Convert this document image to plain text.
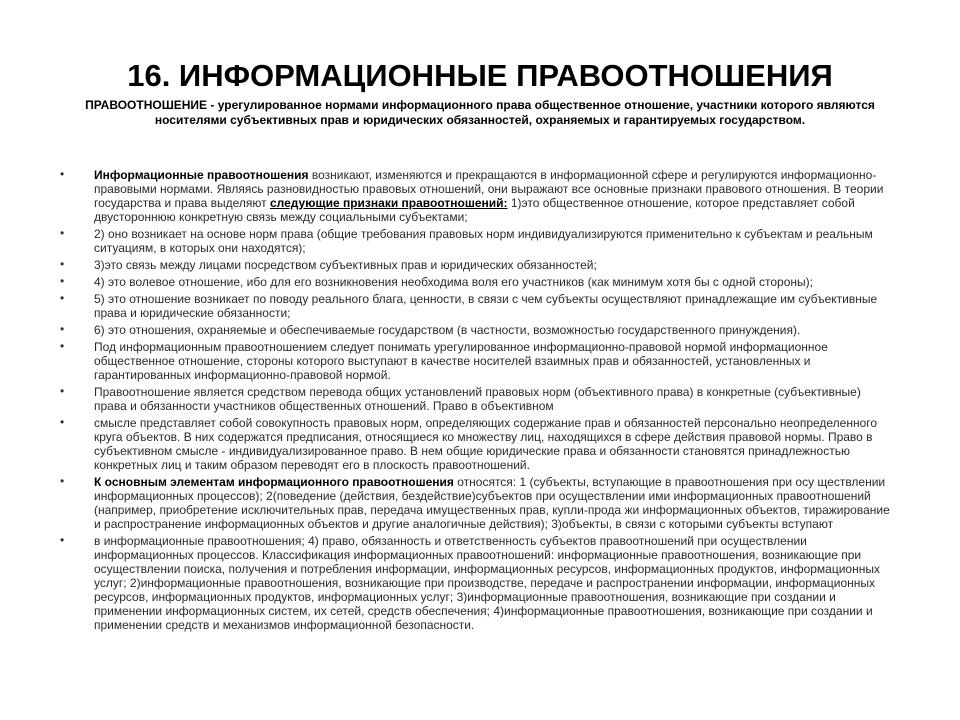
16. ИНФОРМАЦИОННЫЕ ПРАВООТНОШЕНИЯ
ПРАВООТНОШЕНИЕ - урегулированное нормами информационного права общественное отношение, участники которого являются носителями субъективных прав и юридических обязанностей, охраняемых и гарантируемых государством.
• Информационные правоотношения возникают, изменяются и прекращаются в информационной сфере и регулируются информационно-правовыми нормами. Являясь разновидностью правовых отношений, они выражают все основные признаки правового отношения. В теории государства и права выделяют следующие признаки правоотношений: 1)это общественное отношение, которое представляет собой двустороннюю конкретную связь между социальными субъектами;
• 2) оно возникает на основе норм права (общие требования правовых норм индивидуализируются применительно к субъектам и реальным ситуациям, в которых они находятся);
• 3)это связь между лицами посредством субъективных прав и юридических обязанностей;
• 4) это волевое отношение, ибо для его возникновения необходима воля его участников (как минимум хотя бы с одной стороны);
• 5) это отношение возникает по поводу реального блага, ценности, в связи с чем субъекты осуществляют принадлежащие им субъективные права и юридические обязанности;
• 6) это отношения, охраняемые и обеспечиваемые государством (в частности, возможностью государственного принуждения).
• Под информационным правоотношением следует понимать урегулированное информационно-правовой нормой информационное общественное отношение, стороны которого выступают в качестве носителей взаимных прав и обязанностей, установленных и гарантированных информационно-правовой нормой.
• Правоотношение является средством перевода общих установлений правовых норм (объективного права) в конкретные (субъективные) права и обязанности участников общественных отношений. Право в объективном
• смысле представляет собой совокупность правовых норм, определяющих содержание прав и обязанностей персонально неопределенного круга объектов. В них содержатся предписания, относящиеся ко множеству лиц, находящихся в сфере действия правовой нормы. Право в субъективном смысле - индивидуализированное право. В нем общие юридические права и обязанности становятся принадлежностью конкретных лиц и таким образом переводят его в плоскость правоотношений.
• К основным элементам информационного правоотношения относятся: 1 (субъекты, вступающие в правоотношения при осу ществлении информационных процессов); 2(поведение (действия, бездействие)субъектов при осуществлении ими информационных правоотношений (например, приобретение исключительных прав, передача имущественных прав, купли-прода жи информационных объектов, тиражирование и распространение информационных объектов и другие аналогичные действия); 3)объекты, в связи с которыми субъекты вступают
• в информационные правоотношения; 4) право, обязанность и ответственность субъектов правоотношений при осуществлении информационных процессов. Классификация информационных правоотношений: информационные правоотношения, возникающие при осуществлении поиска, получения и потребления информации, информационных ресурсов, информационных продуктов, информационных услуг; 2)информационные правоотношения, возникающие при производстве, передаче и распространении информации, информационных ресурсов, информационных продуктов, информационных услуг; 3)информационные правоотношения, возникающие при создании и применении информационных систем, их сетей, средств обеспечения; 4)информационные правоотношения, возникающие при создании и применении средств и механизмов информационной безопасности.
